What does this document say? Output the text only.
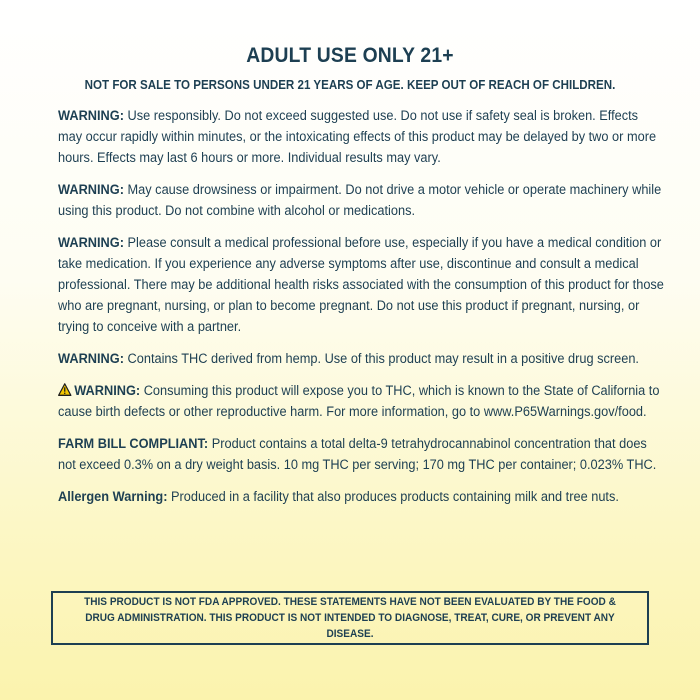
ADULT USE ONLY 21+
NOT FOR SALE TO PERSONS UNDER 21 YEARS OF AGE. KEEP OUT OF REACH OF CHILDREN.

WARNING: Use responsibly. Do not exceed suggested use. Do not use if safety seal is broken. Effects may occur rapidly within minutes, or the intoxicating effects of this product may be delayed by two or more hours. Effects may last 6 hours or more. Individual results may vary.

WARNING: May cause drowsiness or impairment. Do not drive a motor vehicle or operate machinery while using this product. Do not combine with alcohol or medications.

WARNING: Please consult a medical professional before use, especially if you have a medical condition or take medication. If you experience any adverse symptoms after use, discontinue and consult a medical professional. There may be additional health risks associated with the consumption of this product for those who are pregnant, nursing, or plan to become pregnant. Do not use this product if pregnant, nursing, or trying to conceive with a partner.

WARNING: Contains THC derived from hemp. Use of this product may result in a positive drug screen.

WARNING: Consuming this product will expose you to THC, which is known to the State of California to cause birth defects or other reproductive harm. For more information, go to www.P65Warnings.gov/food.

FARM BILL COMPLIANT: Product contains a total delta-9 tetrahydrocannabinol concentration that does not exceed 0.3% on a dry weight basis. 10 mg THC per serving; 170 mg THC per container; 0.023% THC.

Allergen Warning: Produced in a facility that also produces products containing milk and tree nuts.

THIS PRODUCT IS NOT FDA APPROVED. THESE STATEMENTS HAVE NOT BEEN EVALUATED BY THE FOOD & DRUG ADMINISTRATION. THIS PRODUCT IS NOT INTENDED TO DIAGNOSE, TREAT, CURE, OR PREVENT ANY DISEASE.
